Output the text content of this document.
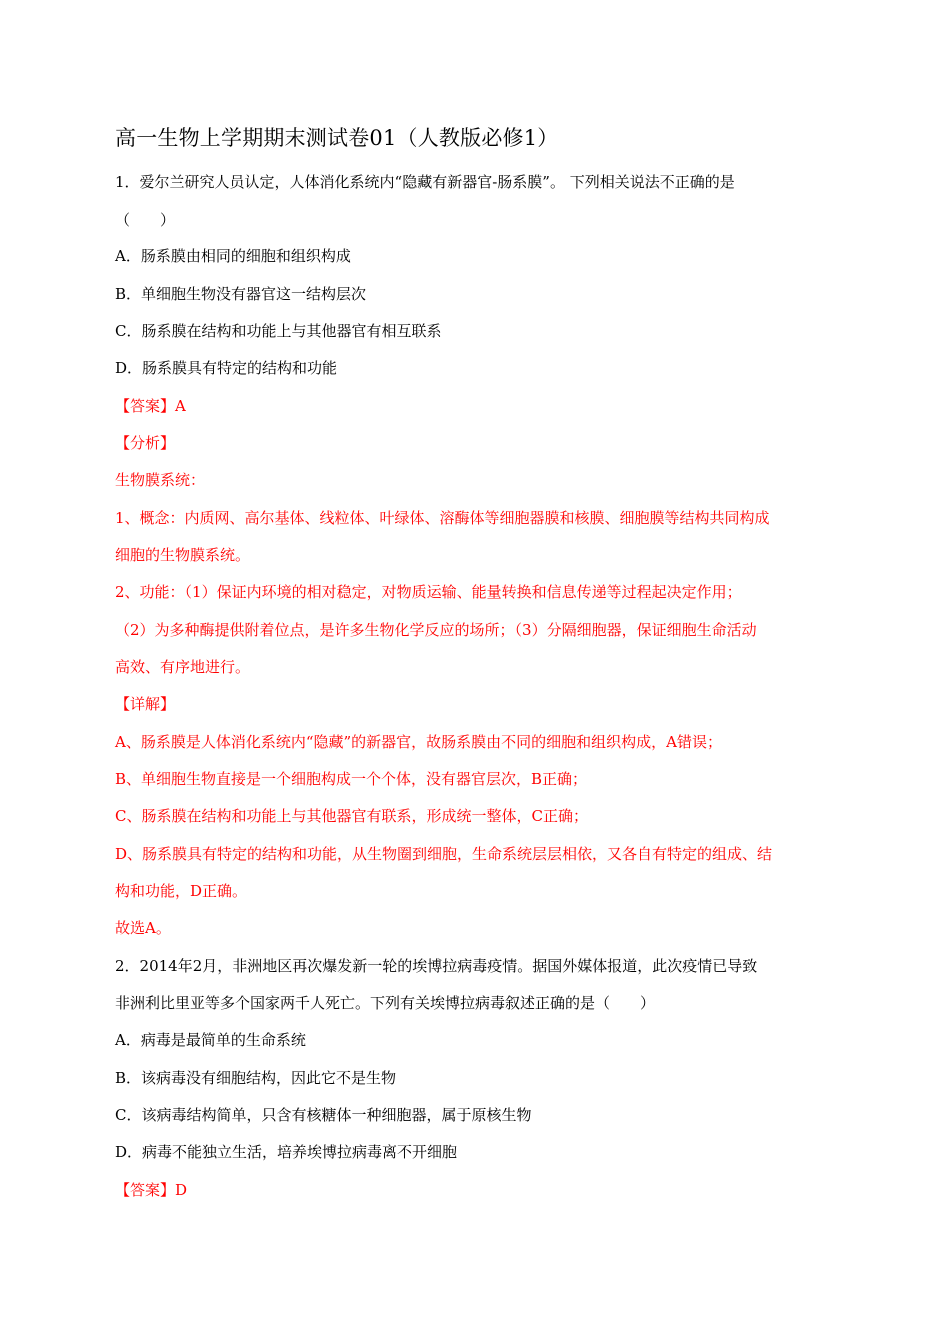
高一生物上学期期末测试卷01（人教版必修1）
1．爱尔兰研究人员认定，人体消化系统内“隐藏有新器官-肠系膜”。 下列相关说法不正确的是
（　　）
A．肠系膜由相同的细胞和组织构成
B．单细胞生物没有器官这一结构层次
C．肠系膜在结构和功能上与其他器官有相互联系
D．肠系膜具有特定的结构和功能
【答案】A
【分析】
生物膜系统：
1、概念：内质网、高尔基体、线粒体、叶绿体、溶酶体等细胞器膜和核膜、细胞膜等结构共同构成
细胞的生物膜系统。
2、功能：（1）保证内环境的相对稳定，对物质运输、能量转换和信息传递等过程起决定作用；
（2）为多种酶提供附着位点，是许多生物化学反应的场所；（3）分隔细胞器，保证细胞生命活动
高效、有序地进行。
【详解】
A、肠系膜是人体消化系统内“隐藏”的新器官，故肠系膜由不同的细胞和组织构成，A错误；
B、单细胞生物直接是一个细胞构成一个个体，没有器官层次，B正确；
C、肠系膜在结构和功能上与其他器官有联系，形成统一整体，C正确；
D、肠系膜具有特定的结构和功能，从生物圈到细胞，生命系统层层相依，又各自有特定的组成、结
构和功能，D正确。
故选A。
2．2014年2月，非洲地区再次爆发新一轮的埃博拉病毒疫情。据国外媒体报道，此次疫情已导致
非洲利比里亚等多个国家两千人死亡。下列有关埃博拉病毒叙述正确的是（　　）
A．病毒是最简单的生命系统
B．该病毒没有细胞结构，因此它不是生物
C．该病毒结构简单，只含有核糖体一种细胞器，属于原核生物
D．病毒不能独立生活，培养埃博拉病毒离不开细胞
【答案】D
